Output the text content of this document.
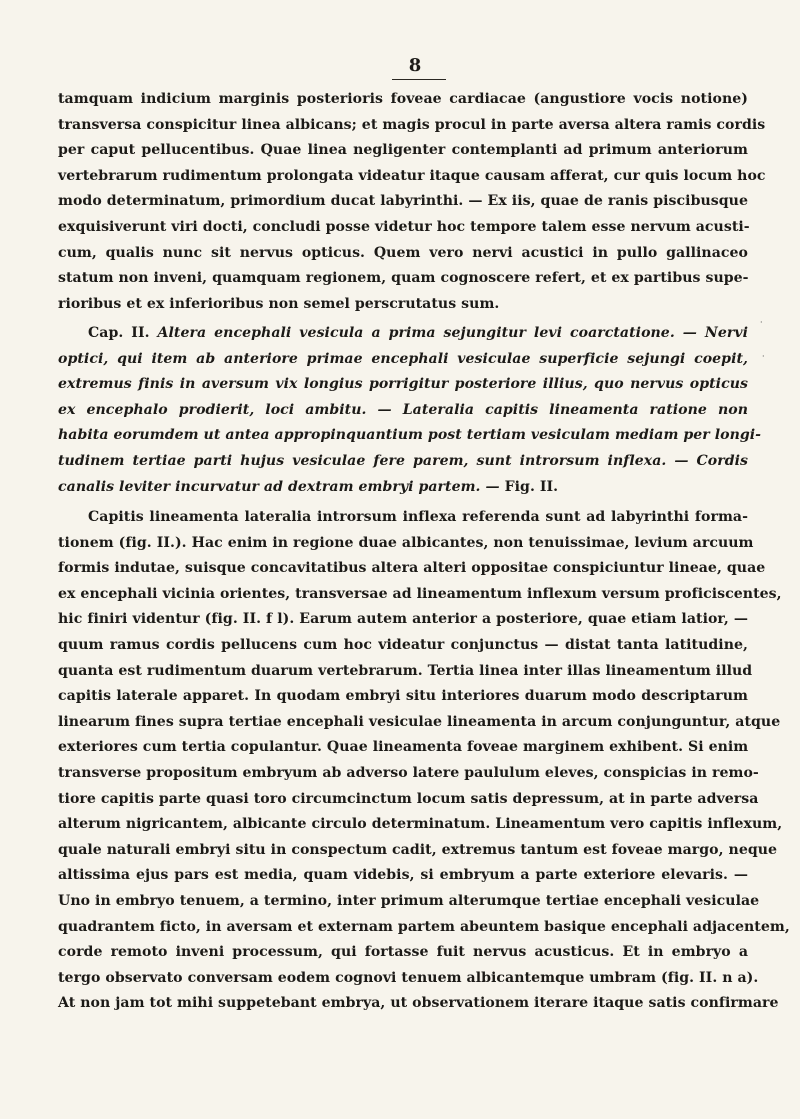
8
tamquam indicium marginis posterioris foveae cardiacae (angustiore vocis notione)
transversa conspicitur linea albicans; et magis procul in parte aversa altera ramis cordis
per caput pellucentibus. Quae linea negligenter contemplanti ad primum anteriorum
vertebrarum rudimentum prolongata videatur itaque causam afferat, cur quis locum hoc
modo determinatum, primordium ducat labyrinthi. — Ex iis, quae de ranis piscibusque
exquisiverunt viri docti, concludi posse videtur hoc tempore talem esse nervum acusti-
cum, qualis nunc sit nervus opticus. Quem vero nervi acustici in pullo gallinaceo
statum non inveni, quamquam regionem, quam cognoscere refert, et ex partibus supe-
rioribus et ex inferioribus non semel perscrutatus sum.
Cap. II. Altera encephali vesicula a prima sejungitur levi coarctatione. — Nervi
optici, qui item ab anteriore primae encephali vesiculae superficie sejungi coepit,
extremus finis in aversum vix longius porrigitur posteriore illius, quo nervus opticus
ex encephalo prodierit, loci ambitu. — Lateralia capitis lineamenta ratione non
habita eorumdem ut antea appropinquantium post tertiam vesiculam mediam per longi-
tudinem tertiae parti hujus vesiculae fere parem, sunt introrsum inflexa. — Cordis
canalis leviter incurvatur ad dextram embryi partem. — Fig. II.
Capitis lineamenta lateralia introrsum inflexa referenda sunt ad labyrinthi forma-
tionem (fig. II.). Hac enim in regione duae albicantes, non tenuissimae, levium arcuum
formis indutae, suisque concavitatibus altera alteri oppositae conspiciuntur lineae, quae
ex encephali vicinia orientes, transversae ad lineamentum inflexum versum proficiscentes,
hic finiri videntur (fig. II. f l). Earum autem anterior a posteriore, quae etiam latior, —
quum ramus cordis pellucens cum hoc videatur conjunctus — distat tanta latitudine,
quanta est rudimentum duarum vertebrarum. Tertia linea inter illas lineamentum illud
capitis laterale apparet. In quodam embryi situ interiores duarum modo descriptarum
linearum fines supra tertiae encephali vesiculae lineamenta in arcum conjunguntur, atque
exteriores cum tertia copulantur. Quae lineamenta foveae marginem exhibent. Si enim
transverse propositum embryum ab adverso latere paululum eleves, conspicias in remo-
tiore capitis parte quasi toro circumcinctum locum satis depressum, at in parte adversa
alterum nigricantem, albicante circulo determinatum. Lineamentum vero capitis inflexum,
quale naturali embryi situ in conspectum cadit, extremus tantum est foveae margo, neque
altissima ejus pars est media, quam videbis, si embryum a parte exteriore elevaris. —
Uno in embryo tenuem, a termino, inter primum alterumque tertiae encephali vesiculae
quadrantem ficto, in aversam et externam partem abeuntem basique encephali adjacentem,
corde remoto inveni processum, qui fortasse fuit nervus acusticus. Et in embryo a
tergo observato conversam eodem cognovi tenuem albicantemque umbram (fig. II. n a).
At non jam tot mihi suppetebant embrya, ut observationem iterare itaque satis confirmare
·
·
